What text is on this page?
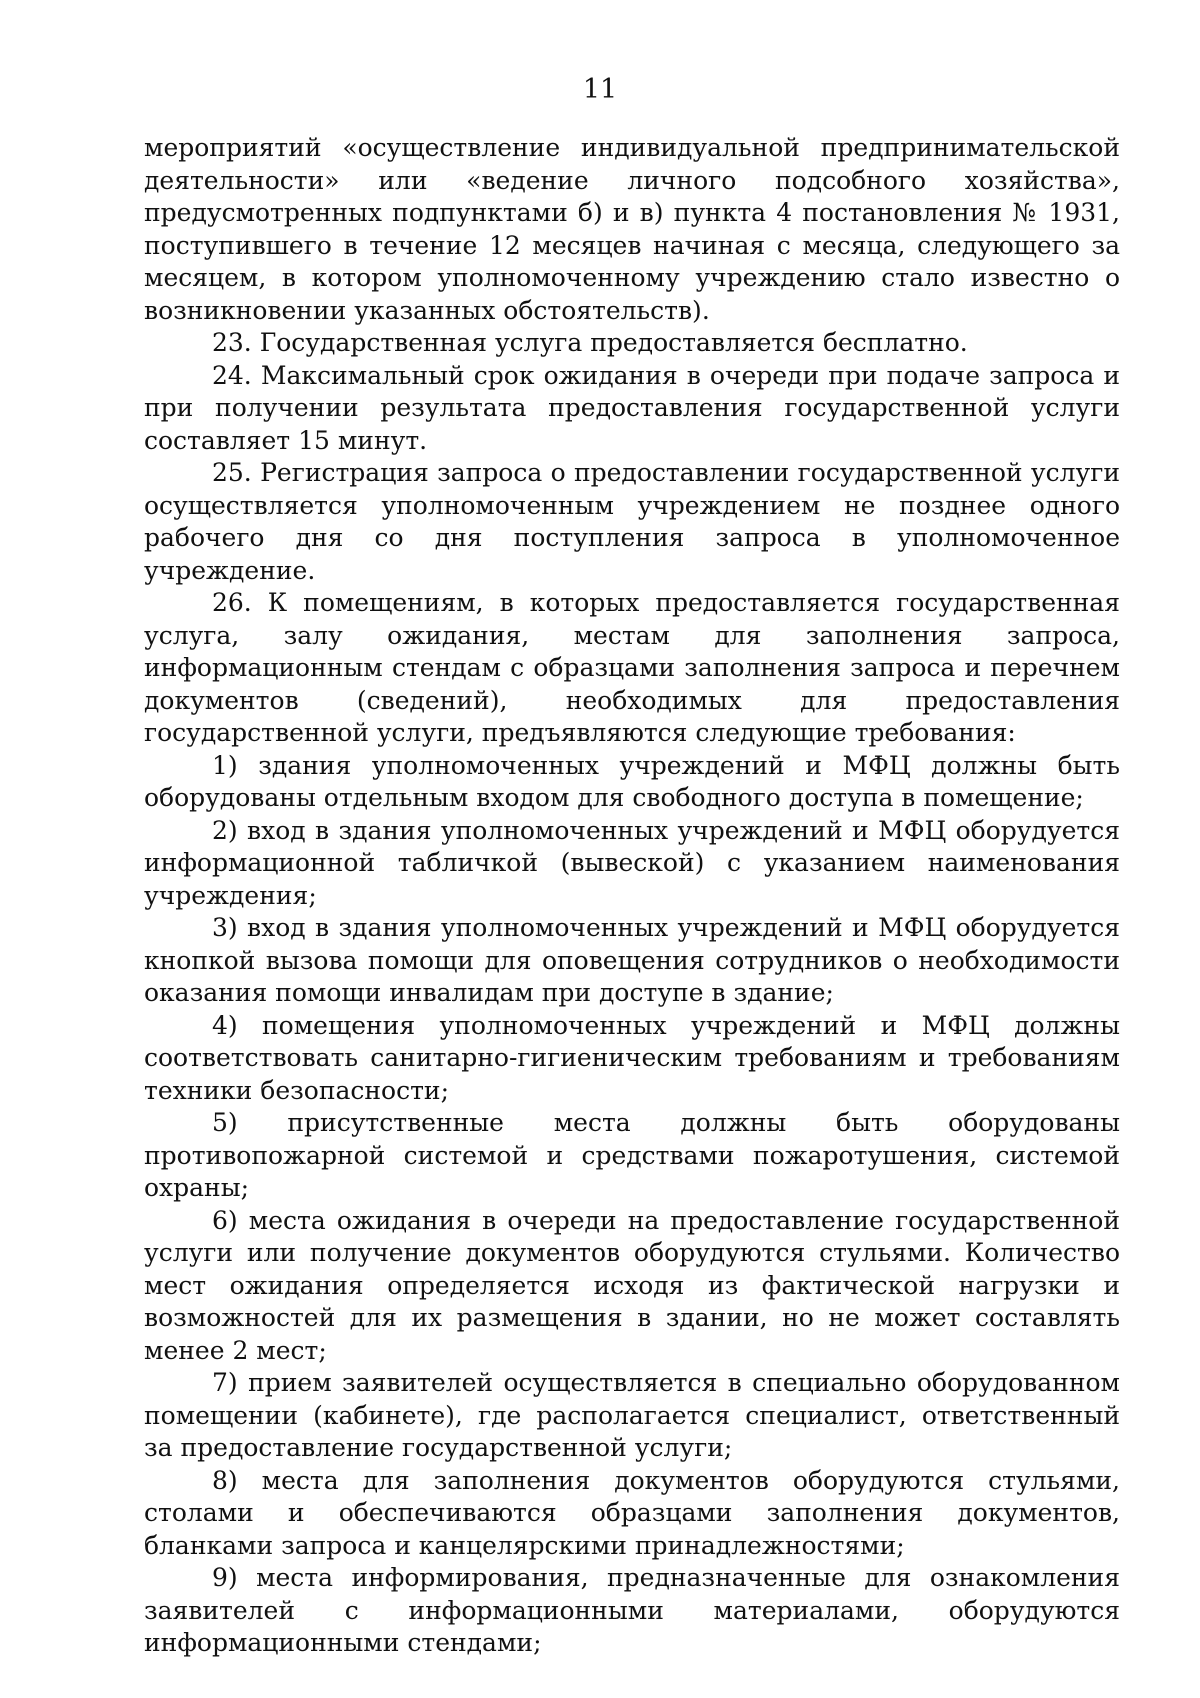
11

мероприятий «осуществление индивидуальной предпринимательской деятельности» или «ведение личного подсобного хозяйства», предусмотренных подпунктами б) и в) пункта 4 постановления № 1931, поступившего в течение 12 месяцев начиная с месяца, следующего за месяцем, в котором уполномоченному учреждению стало известно о возникновении указанных обстоятельств).

23. Государственная услуга предоставляется бесплатно.

24. Максимальный срок ожидания в очереди при подаче запроса и при получении результата предоставления государственной услуги составляет 15 минут.

25. Регистрация запроса о предоставлении государственной услуги осуществляется уполномоченным учреждением не позднее одного рабочего дня со дня поступления запроса в уполномоченное учреждение.

26. К помещениям, в которых предоставляется государственная услуга, залу ожидания, местам для заполнения запроса, информационным стендам с образцами заполнения запроса и перечнем документов (сведений), необходимых для предоставления государственной услуги, предъявляются следующие требования:

1) здания уполномоченных учреждений и МФЦ должны быть оборудованы отдельным входом для свободного доступа в помещение;

2) вход в здания уполномоченных учреждений и МФЦ оборудуется информационной табличкой (вывеской) с указанием наименования учреждения;

3) вход в здания уполномоченных учреждений и МФЦ оборудуется кнопкой вызова помощи для оповещения сотрудников о необходимости оказания помощи инвалидам при доступе в здание;

4) помещения уполномоченных учреждений и МФЦ должны соответствовать санитарно-гигиеническим требованиям и требованиям техники безопасности;

5) присутственные места должны быть оборудованы противопожарной системой и средствами пожаротушения, системой охраны;

6) места ожидания в очереди на предоставление государственной услуги или получение документов оборудуются стульями. Количество мест ожидания определяется исходя из фактической нагрузки и возможностей для их размещения в здании, но не может составлять менее 2 мест;

7) прием заявителей осуществляется в специально оборудованном помещении (кабинете), где располагается специалист, ответственный за предоставление государственной услуги;

8) места для заполнения документов оборудуются стульями, столами и обеспечиваются образцами заполнения документов, бланками запроса и канцелярскими принадлежностями;

9) места информирования, предназначенные для ознакомления заявителей с информационными материалами, оборудуются информационными стендами;
